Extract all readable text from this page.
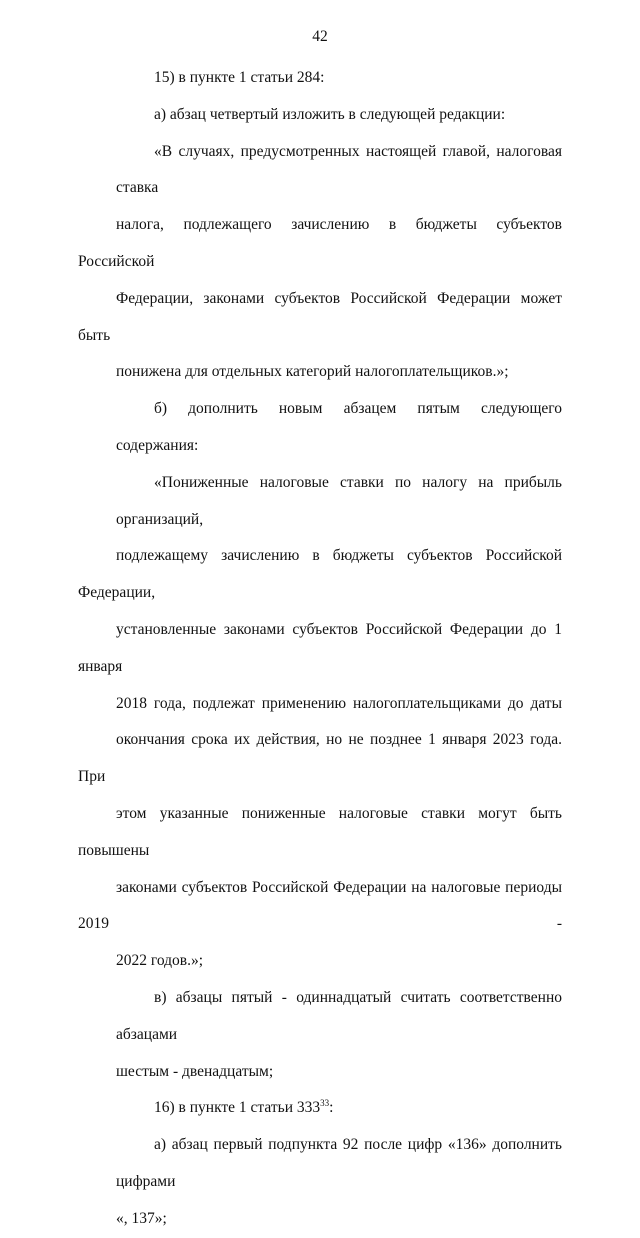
42
15) в пункте 1 статьи 284:
а) абзац четвертый изложить в следующей редакции:
«В случаях, предусмотренных настоящей главой, налоговая ставка
налога, подлежащего зачислению в бюджеты субъектов Российской
Федерации, законами субъектов Российской Федерации может быть
понижена для отдельных категорий налогоплательщиков.»;
б) дополнить новым абзацем пятым следующего содержания:
«Пониженные налоговые ставки по налогу на прибыль организаций,
подлежащему зачислению в бюджеты субъектов Российской Федерации,
установленные законами субъектов Российской Федерации до 1 января
2018 года, подлежат применению налогоплательщиками до даты
окончания срока их действия, но не позднее 1 января 2023 года. При
этом указанные пониженные налоговые ставки могут быть повышены
законами субъектов Российской Федерации на налоговые периоды 2019 -
2022 годов.»;
в) абзацы пятый - одиннадцатый считать соответственно абзацами
шестым - двенадцатым;
16) в пункте 1 статьи $333^{33}$:
а) абзац первый подпункта 92 после цифр «136» дополнить цифрами
«, 137»;
